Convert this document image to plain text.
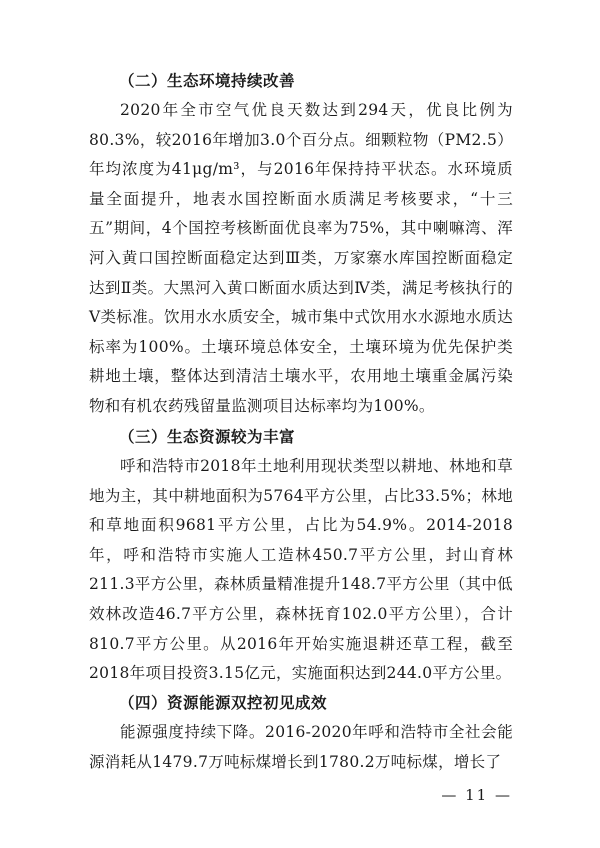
（二）生态环境持续改善

2020年全市空气优良天数达到294天，优良比例为80.3%，较2016年增加3.0个百分点。细颗粒物（PM2.5）年均浓度为41μg/m³，与2016年保持持平状态。水环境质量全面提升，地表水国控断面水质满足考核要求，“十三五”期间，4个国控考核断面优良率为75%，其中喇嘛湾、浑河入黄口国控断面稳定达到Ⅲ类，万家寨水库国控断面稳定达到Ⅱ类。大黑河入黄口断面水质达到Ⅳ类，满足考核执行的Ⅴ类标准。饮用水水质安全，城市集中式饮用水水源地水质达标率为100%。土壤环境总体安全，土壤环境为优先保护类耕地土壤，整体达到清洁土壤水平，农用地土壤重金属污染物和有机农药残留量监测项目达标率均为100%。

（三）生态资源较为丰富

呼和浩特市2018年土地利用现状类型以耕地、林地和草地为主，其中耕地面积为5764平方公里，占比33.5%；林地和草地面积9681平方公里，占比为54.9%。2014-2018年，呼和浩特市实施人工造林450.7平方公里，封山育林211.3平方公里，森林质量精准提升148.7平方公里（其中低效林改造46.7平方公里，森林抚育102.0平方公里），合计810.7平方公里。从2016年开始实施退耕还草工程，截至2018年项目投资3.15亿元，实施面积达到244.0平方公里。

（四）资源能源双控初见成效

能源强度持续下降。2016-2020年呼和浩特市全社会能源消耗从1479.7万吨标煤增长到1780.2万吨标煤，增长了

— 11 —
